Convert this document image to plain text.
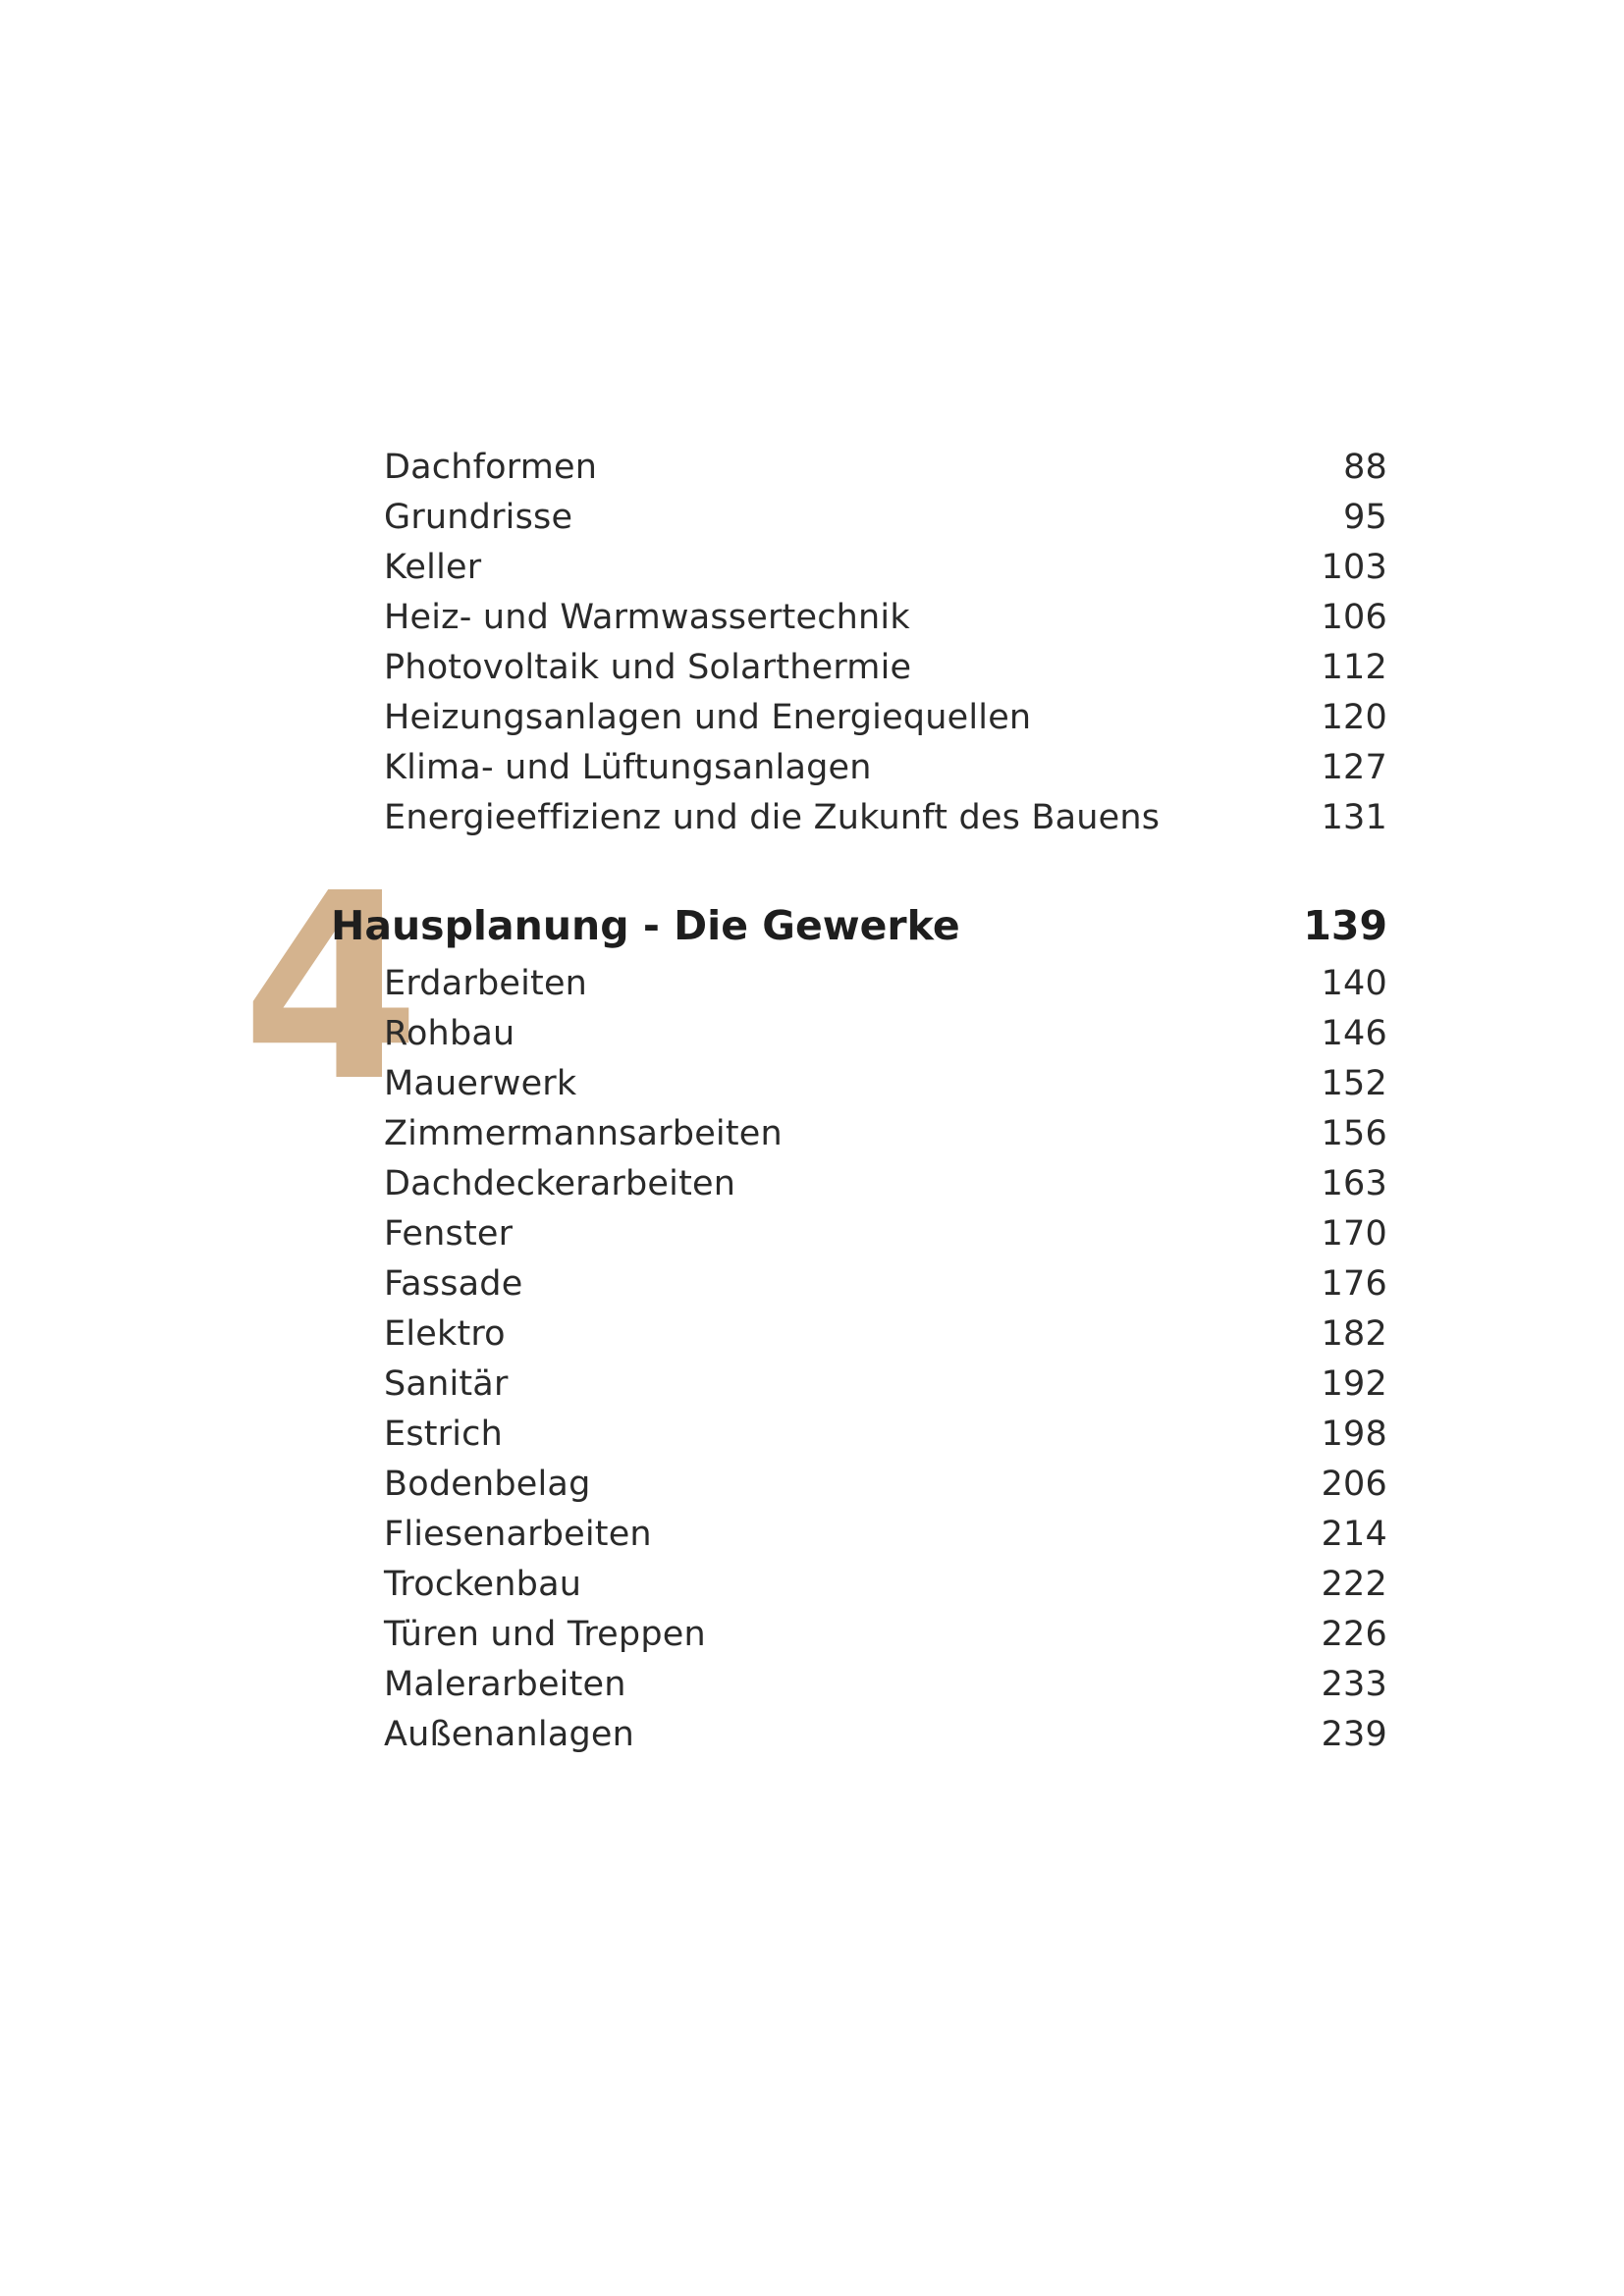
Dachformen	88
Grundrisse	95
Keller	103
Heiz- und Warmwassertechnik	106
Photovoltaik und Solarthermie	112
Heizungsanlagen und Energiequellen	120
Klima- und Lüftungsanlagen	127
Energieeffizienz und die Zukunft des Bauens	131
4
Hausplanung - Die Gewerke	139
Erdarbeiten	140
Rohbau	146
Mauerwerk	152
Zimmermannsarbeiten	156
Dachdeckerarbeiten	163
Fenster	170
Fassade	176
Elektro	182
Sanitär	192
Estrich	198
Bodenbelag	206
Fliesenarbeiten	214
Trockenbau	222
Türen und Treppen	226
Malerarbeiten	233
Außenanlagen	239
